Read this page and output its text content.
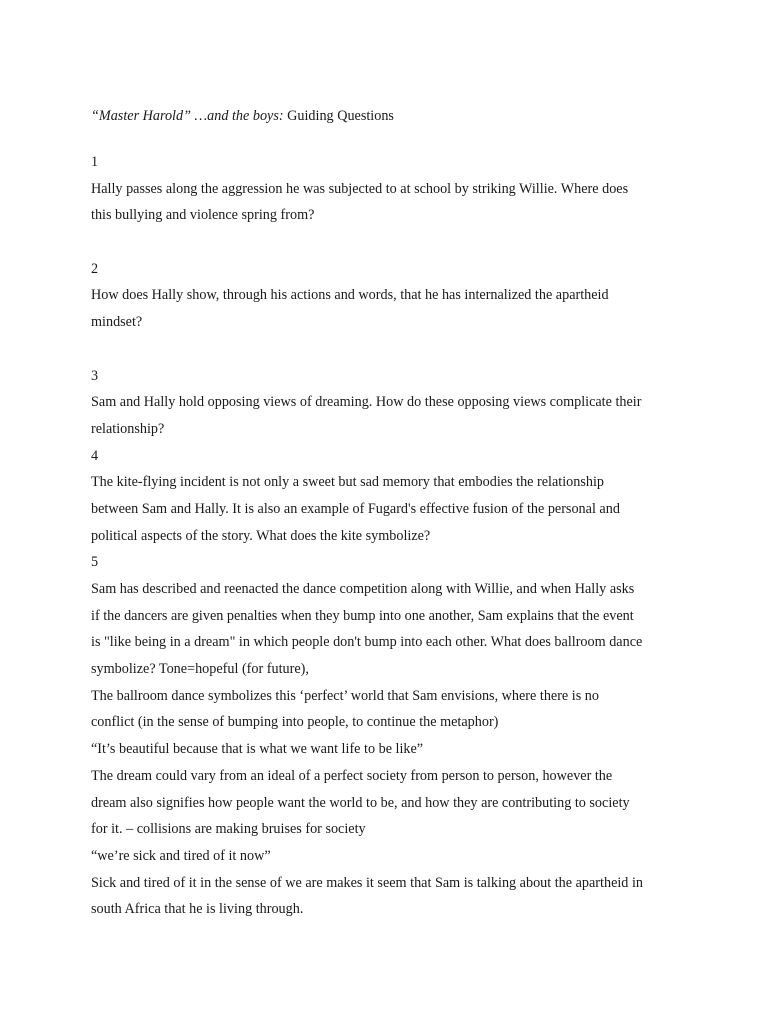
“Master Harold” …and the boys: Guiding Questions
1
Hally passes along the aggression he was subjected to at school by striking Willie. Where does
this bullying and violence spring from?
2
How does Hally show, through his actions and words, that he has internalized the apartheid
mindset?
3
Sam and Hally hold opposing views of dreaming. How do these opposing views complicate their
relationship?
4
The kite-flying incident is not only a sweet but sad memory that embodies the relationship
between Sam and Hally. It is also an example of Fugard's effective fusion of the personal and
political aspects of the story. What does the kite symbolize?
5
Sam has described and reenacted the dance competition along with Willie, and when Hally asks
if the dancers are given penalties when they bump into one another, Sam explains that the event
is "like being in a dream" in which people don't bump into each other. What does ballroom dance
symbolize? Tone=hopeful (for future),
The ballroom dance symbolizes this ‘perfect’ world that Sam envisions, where there is no
conflict (in the sense of bumping into people, to continue the metaphor)
“It’s beautiful because that is what we want life to be like”
The dream could vary from an ideal of a perfect society from person to person, however the
dream also signifies how people want the world to be, and how they are contributing to society
for it. – collisions are making bruises for society
“we’re sick and tired of it now”
Sick and tired of it in the sense of we are makes it seem that Sam is talking about the apartheid in
south Africa that he is living through.
